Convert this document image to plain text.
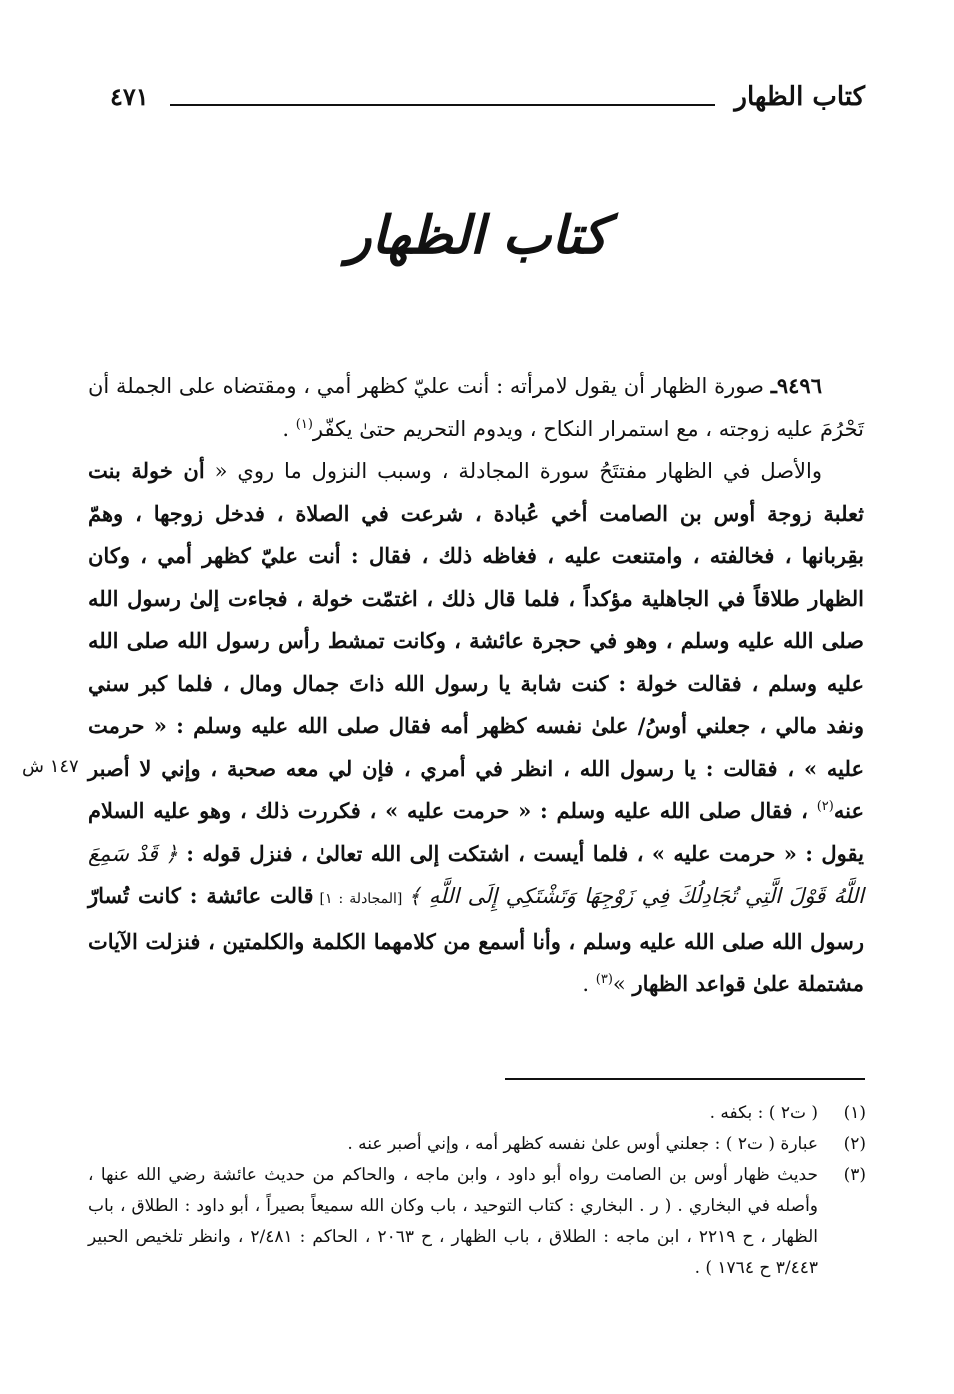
كتاب الظهار
٤٧١
كتاب الظهار

٩٤٩٦ـ صورة الظهار أن يقول لامرأته : أنت عليّ كظهر أمي ، ومقتضاه على الجملة أن تَحْرُمَ عليه زوجته ، مع استمرار النكاح ، ويدوم التحريم حتىٰ يكفّر$^{(١)}$ .

والأصل في الظهار مفتتَحُ سورة المجادلة ، وسبب النزول ما روي « أن خولة بنت ثعلبة زوجة أوس بن الصامت أخي عُبادة ، شرعت في الصلاة ، فدخل زوجها ، وهمّ بقِربانها ، فخالفته ، وامتنعت عليه ، فغاظه ذلك ، فقال : أنت عليّ كظهر أمي ، وكان الظهار طلاقاً في الجاهلية مؤكداً ، فلما قال ذلك ، اغتمّت خولة ، فجاءت إلىٰ رسول الله صلى الله عليه وسلم ، وهو في حجرة عائشة ، وكانت تمشط رأس رسول الله صلى الله عليه وسلم ، فقالت خولة : كنت شابة يا رسول الله ذاتَ جمال ومال ، فلما كبر سني ونفد مالي ، جعلني أوسُ/ علىٰ نفسه كظهر أمه فقال صلى الله عليه وسلم : « حرمت عليه » ، فقالت : يا رسول الله ، انظر في أمري ، فإن لي معه صحبة ، وإني لا أصبر عنه$^{(٢)}$ ، فقال صلى الله عليه وسلم : « حرمت عليه » ، فكررت ذلك ، وهو عليه السلام يقول : « حرمت عليه » ، فلما أيست ، اشتكت إلى الله تعالىٰ ، فنزل قوله : ﴿ قَدْ سَمِعَ اللَّهُ قَوْلَ الَّتِي تُجَادِلُكَ فِي زَوْجِهَا وَتَشْتَكِي إِلَى اللَّهِ ﴾ [المجادلة : ١] قالت عائشة : كانت تُسارّ رسول الله صلى الله عليه وسلم ، وأنا أسمع من كلامهما الكلمة والكلمتين ، فنزلت الآيات مشتملة علىٰ قواعد الظهار »$^{(٣)}$ .

١٤٧ ش
(١)
( ت٢ ) : بكفه .
(٢)
عبارة ( ت٢ ) : جعلني أوس علىٰ نفسه كظهر أمه ، وإني أصبر عنه .
(٣)
حديث ظهار أوس بن الصامت رواه أبو داود ، وابن ماجه ، والحاكم من حديث عائشة رضي الله عنها ، وأصله في البخاري . ( ر . البخاري : كتاب التوحيد ، باب وكان الله سميعاً بصيراً ، أبو داود : الطلاق ، باب الظهار ، ح ٢٢١٩ ، ابن ماجه : الطلاق ، باب الظهار ، ح ٢٠٦٣ ، الحاكم : ٢/٤٨١ ، وانظر تلخيص الحبير ٣/٤٤٣ ح ١٧٦٤ ) .
